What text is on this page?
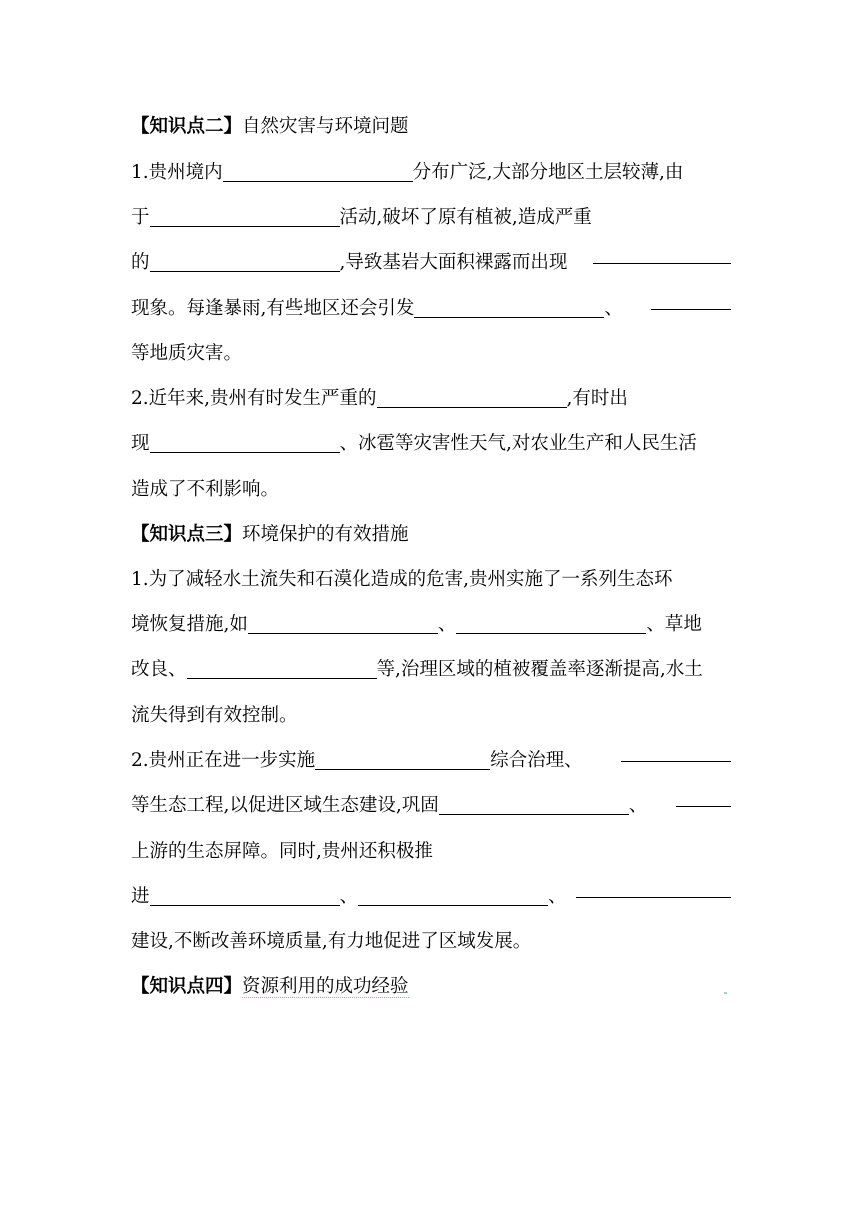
【知识点二】自然灾害与环境问题
1.贵州境内	分布广泛,大部分地区土层较薄,由
于	活动,破坏了原有植被,造成严重
的	,导致基岩大面积裸露而出现
现象。每逢暴雨,有些地区还会引发	、
等地质灾害。
2.近年来,贵州有时发生严重的	,有时出
现	、冰雹等灾害性天气,对农业生产和人民生活
造成了不利影响。
【知识点三】环境保护的有效措施
1.为了减轻水土流失和石漠化造成的危害,贵州实施了一系列生态环
境恢复措施,如	、	、草地
改良、	等,治理区域的植被覆盖率逐渐提高,水土
流失得到有效控制。
2.贵州正在进一步实施	综合治理、
等生态工程,以促进区域生态建设,巩固	、
上游的生态屏障。同时,贵州还积极推
进	、	、
建设,不断改善环境质量,有力地促进了区域发展。
【知识点四】资源利用的成功经验
